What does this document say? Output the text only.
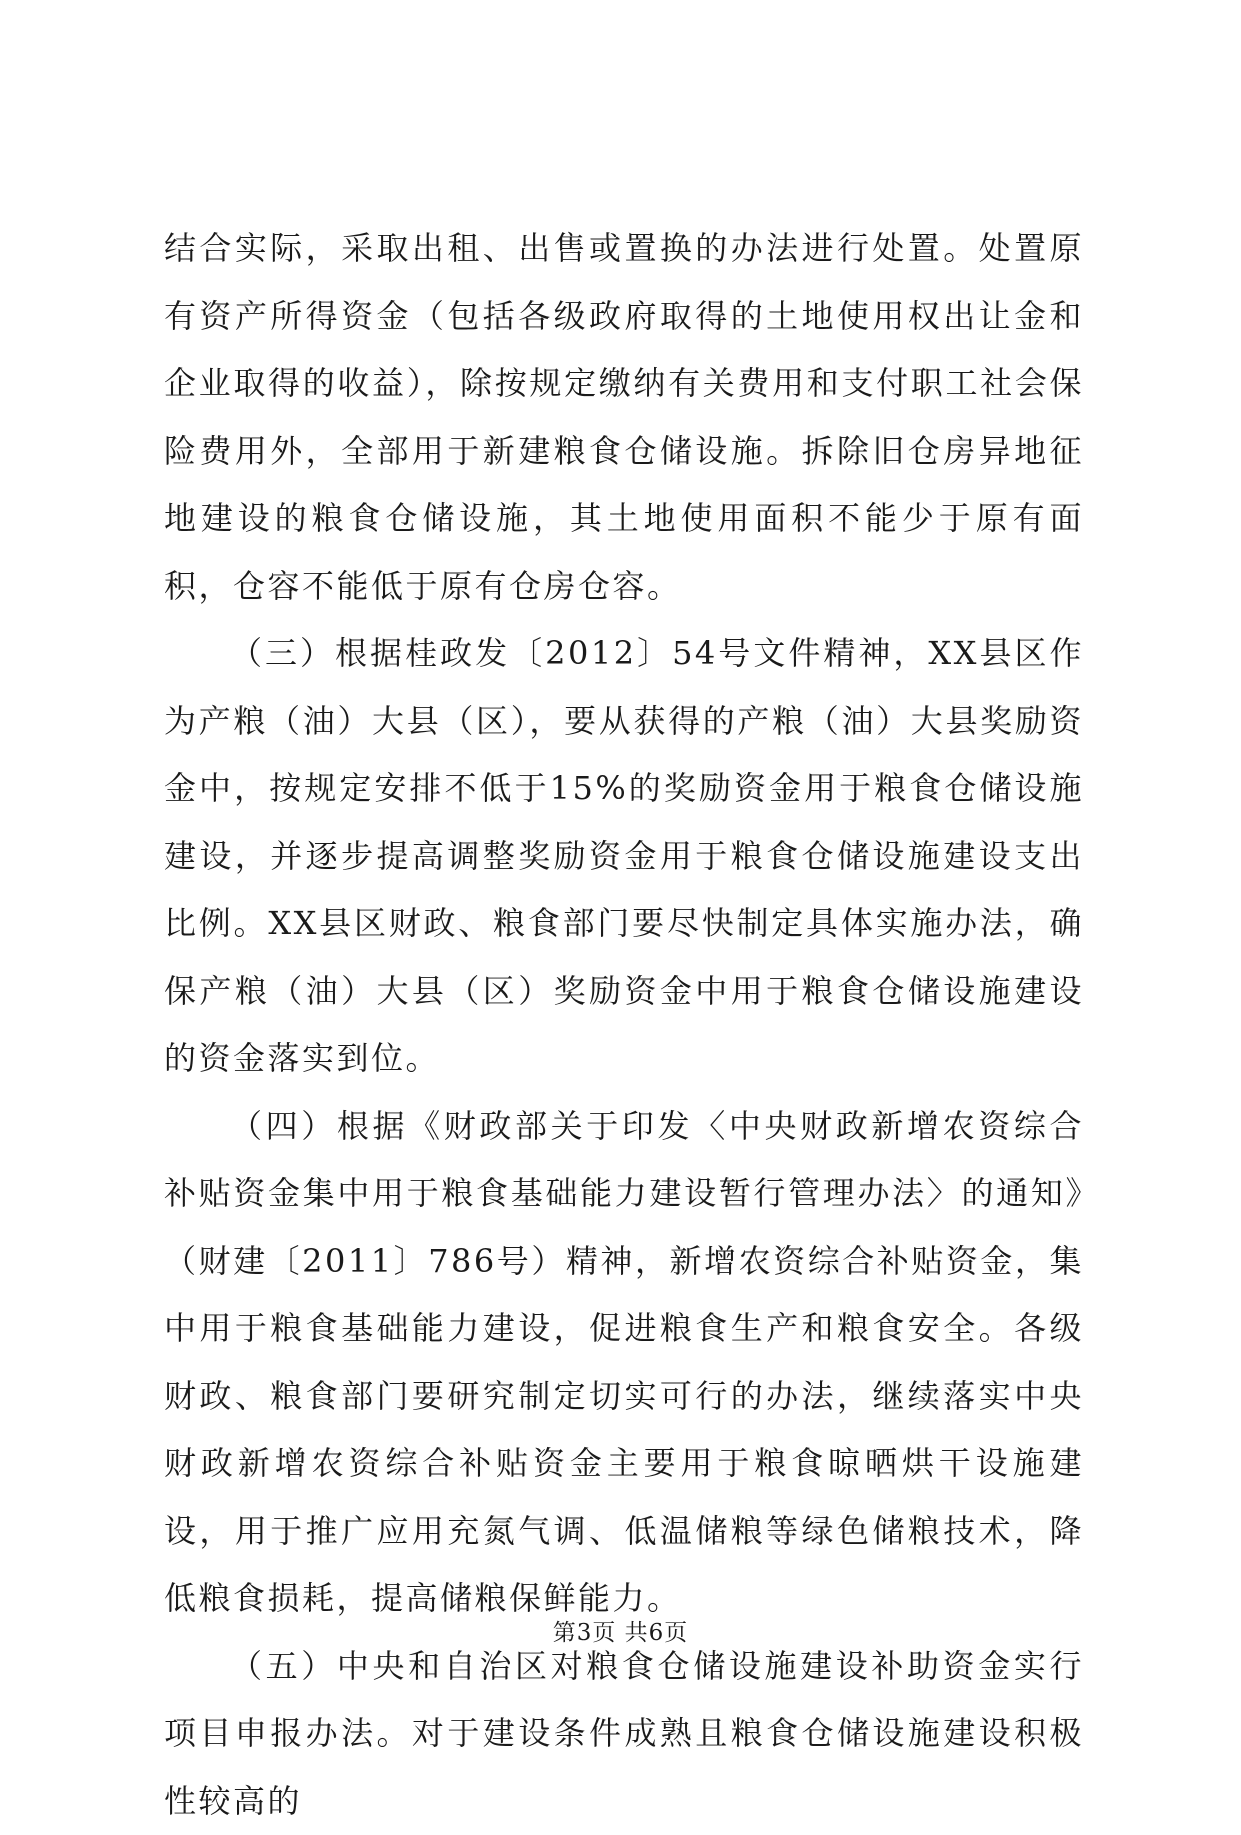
结合实际，采取出租、出售或置换的办法进行处置。处置原有资产所得资金（包括各级政府取得的土地使用权出让金和企业取得的收益），除按规定缴纳有关费用和支付职工社会保险费用外，全部用于新建粮食仓储设施。拆除旧仓房异地征地建设的粮食仓储设施，其土地使用面积不能少于原有面积，仓容不能低于原有仓房仓容。

（三）根据桂政发〔2012〕54号文件精神，XX县区作为产粮（油）大县（区），要从获得的产粮（油）大县奖励资金中，按规定安排不低于15%的奖励资金用于粮食仓储设施建设，并逐步提高调整奖励资金用于粮食仓储设施建设支出比例。XX县区财政、粮食部门要尽快制定具体实施办法，确保产粮（油）大县（区）奖励资金中用于粮食仓储设施建设的资金落实到位。

（四）根据《财政部关于印发〈中央财政新增农资综合补贴资金集中用于粮食基础能力建设暂行管理办法〉的通知》（财建〔2011〕786号）精神，新增农资综合补贴资金，集中用于粮食基础能力建设，促进粮食生产和粮食安全。各级财政、粮食部门要研究制定切实可行的办法，继续落实中央财政新增农资综合补贴资金主要用于粮食晾晒烘干设施建设，用于推广应用充氮气调、低温储粮等绿色储粮技术，降低粮食损耗，提高储粮保鲜能力。

（五）中央和自治区对粮食仓储设施建设补助资金实行项目申报办法。对于建设条件成熟且粮食仓储设施建设积极性较高的

第3页 共6页
